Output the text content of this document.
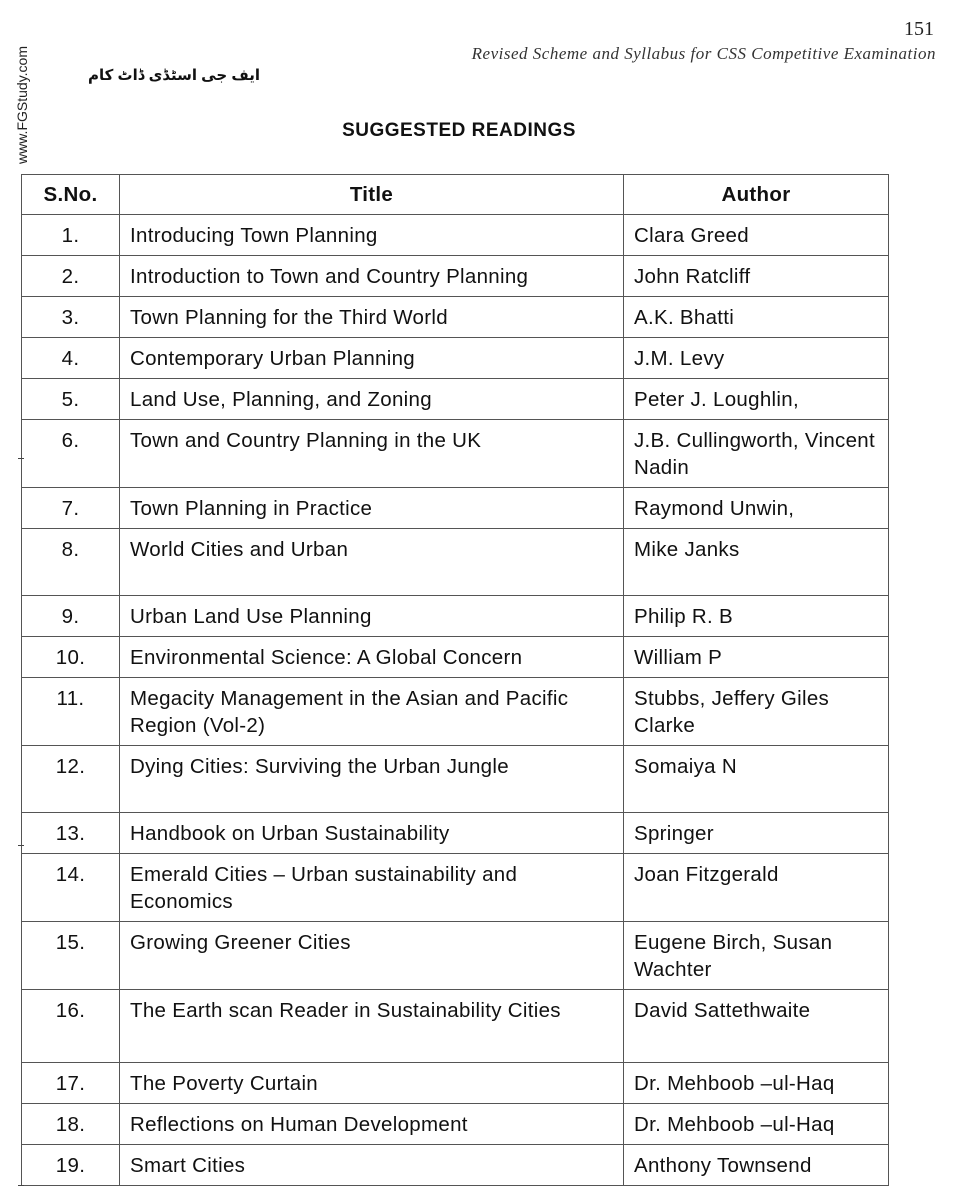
151
Revised Scheme and Syllabus for CSS Competitive Examination
www.FGStudy.com	ایف جی اسٹڈی ڈاٹ کام
SUGGESTED READINGS
S.No.	Title	Author
1.	Introducing Town Planning	Clara Greed
2.	Introduction to Town and Country Planning	John Ratcliff
3.	Town Planning for the Third World	A.K. Bhatti
4.	Contemporary Urban Planning	J.M. Levy
5.	Land Use, Planning, and Zoning	Peter J. Loughlin,
6.	Town and Country Planning in the UK	J.B. Cullingworth, Vincent Nadin
7.	Town Planning in Practice	Raymond Unwin,
8.	World Cities and Urban	Mike Janks
9.	Urban Land Use Planning	Philip R. B
10.	Environmental Science: A Global Concern	William P
11.	Megacity Management in the Asian and Pacific Region (Vol-2)	Stubbs, Jeffery Giles Clarke
12.	Dying Cities: Surviving the Urban Jungle	Somaiya N
13.	Handbook on Urban Sustainability	Springer
14.	Emerald Cities – Urban sustainability and Economics	Joan Fitzgerald
15.	Growing Greener Cities	Eugene Birch, Susan Wachter
16.	The Earth scan Reader in Sustainability Cities	David Sattethwaite
17.	The Poverty Curtain	Dr. Mehboob –ul-Haq
18.	Reflections on Human Development	Dr. Mehboob –ul-Haq
19.	Smart Cities	Anthony Townsend
